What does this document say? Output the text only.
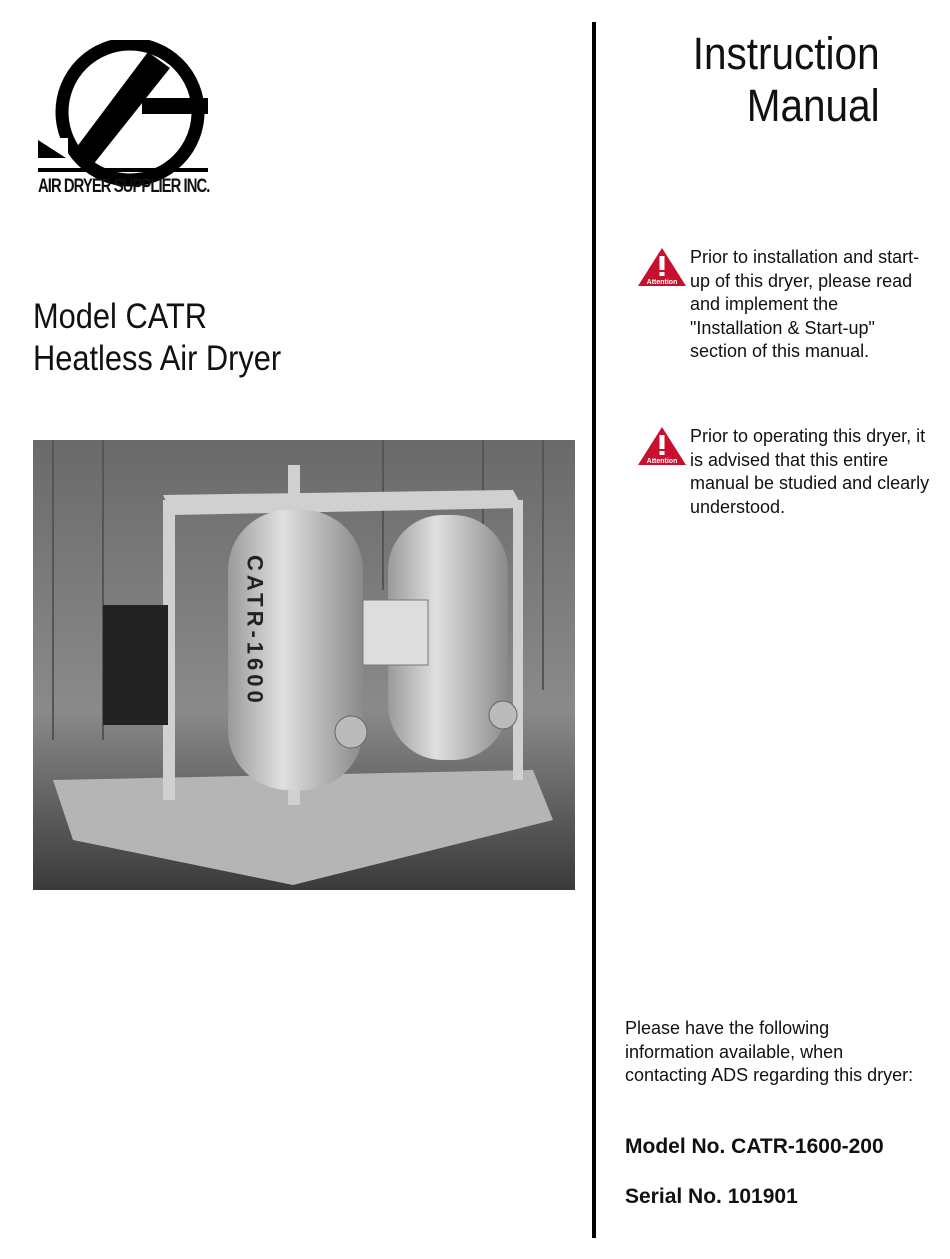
AIR DRYER SUPPLIER INC.
Instruction
Manual
Model CATR
Heatless Air Dryer
CATR-1600
Attention

Prior to installation and start-up of this dryer, please read and implement the "Installation & Start-up" section of this manual.

Attention

Prior to operating this dryer, it is advised that this entire manual be studied and clearly understood.

Please have the following information available, when contacting ADS regarding this dryer:

Model No. CATR-1600-200
Serial No. 101901
